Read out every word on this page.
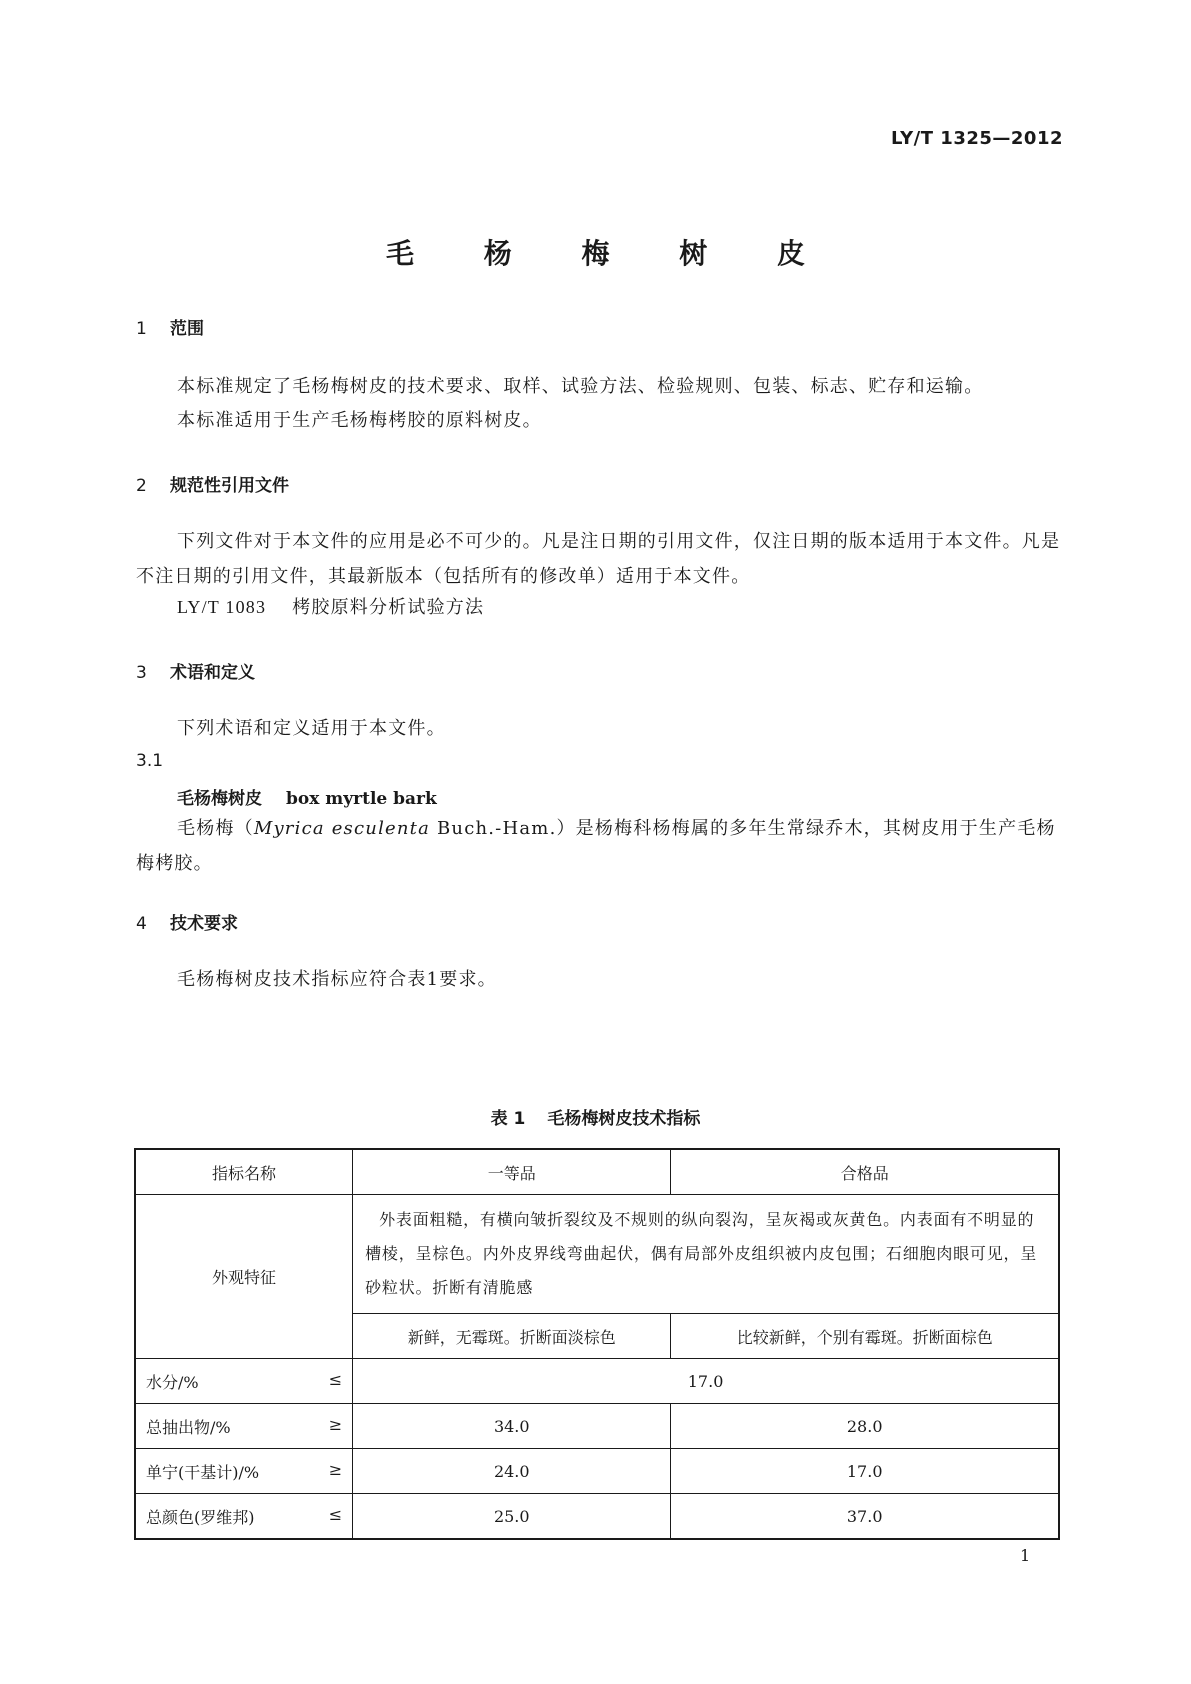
LY/T 1325—2012
毛 杨 梅 树 皮
1 范围
本标准规定了毛杨梅树皮的技术要求、取样、试验方法、检验规则、包装、标志、贮存和运输。
本标准适用于生产毛杨梅栲胶的原料树皮。
2 规范性引用文件
下列文件对于本文件的应用是必不可少的。凡是注日期的引用文件，仅注日期的版本适用于本文件。凡是不注日期的引用文件，其最新版本（包括所有的修改单）适用于本文件。
LY/T 1083 栲胶原料分析试验方法
3 术语和定义
下列术语和定义适用于本文件。
3.1
毛杨梅树皮 box myrtle bark
毛杨梅（Myrica esculenta Buch.-Ham.）是杨梅科杨梅属的多年生常绿乔木，其树皮用于生产毛杨梅栲胶。
4 技术要求
毛杨梅树皮技术指标应符合表1要求。
表 1 毛杨梅树皮技术指标
指标名称	一等品	合格品
外观特征	外表面粗糙，有横向皱折裂纹及不规则的纵向裂沟，呈灰褐或灰黄色。内表面有不明显的槽棱，呈棕色。内外皮界线弯曲起伏，偶有局部外皮组织被内皮包围；石细胞肉眼可见，呈砂粒状。折断有清脆感	
	新鲜，无霉斑。折断面淡棕色	比较新鲜，个别有霉斑。折断面棕色

水分/% ≤	17.0	

总抽出物/% ≥	34.0	28.0

单宁(干基计)/% ≥	24.0	17.0

总颜色(罗维邦) ≤	25.0	37.0
1
